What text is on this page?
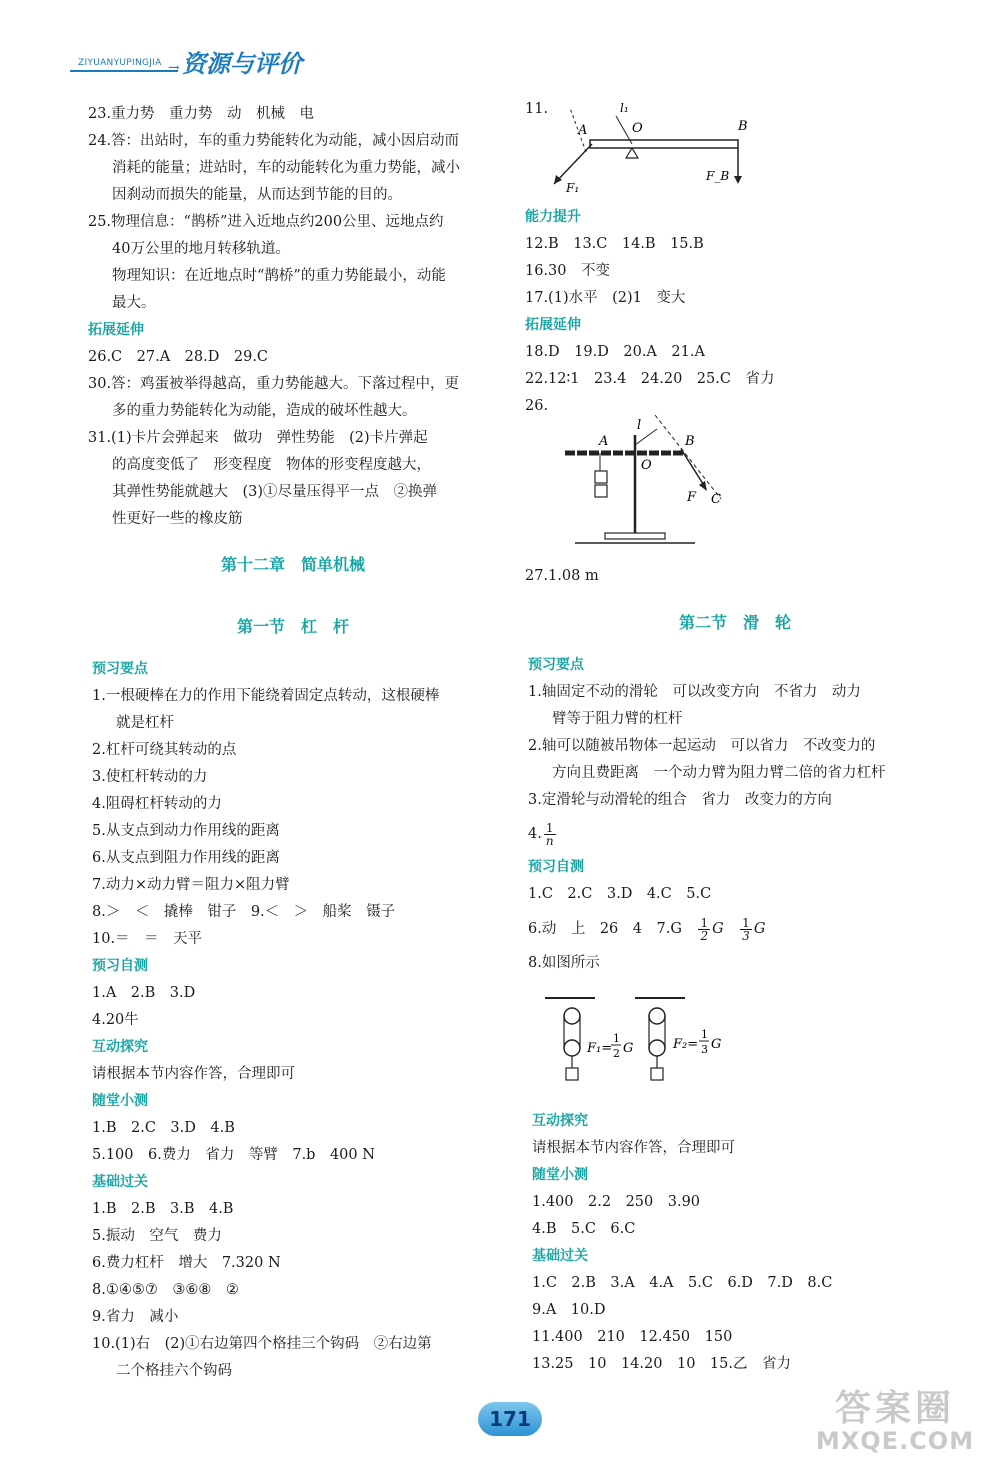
ZIYUANYUPINGJIA → 资源与评价
23.重力势　重力势　动　机械　电
24.答：出站时，车的重力势能转化为动能，减小因启动而
消耗的能量；进站时，车的动能转化为重力势能，减小
因刹动而损失的能量，从而达到节能的目的。
25.物理信息：“鹊桥”进入近地点约200公里、远地点约
40万公里的地月转移轨道。
物理知识：在近地点时“鹊桥”的重力势能最小，动能
最大。
拓展延伸
26.C　27.A　28.D　29.C
30.答：鸡蛋被举得越高，重力势能越大。下落过程中，更
多的重力势能转化为动能，造成的破坏性越大。
31.(1)卡片会弹起来　做功　弹性势能　(2)卡片弹起
的高度变低了　形变程度　物体的形变程度越大，
其弹性势能就越大　(3)①尽量压得平一点　②换弹
性更好一些的橡皮筋
第十二章　简单机械
第一节　杠　杆
预习要点
1.一根硬棒在力的作用下能绕着固定点转动，这根硬棒
就是杠杆
2.杠杆可绕其转动的点
3.使杠杆转动的力
4.阻碍杠杆转动的力
5.从支点到动力作用线的距离
6.从支点到阻力作用线的距离
7.动力×动力臂＝阻力×阻力臂
8.＞　＜　撬棒　钳子　9.＜　＞　船桨　镊子
10.＝　＝　天平
预习自测
1.A　2.B　3.D
4.20牛
互动探究
请根据本节内容作答，合理即可
随堂小测
1.B　2.C　3.D　4.B
5.100　6.费力　省力　等臂　7.b　400 N
基础过关
1.B　2.B　3.B　4.B
5.振动　空气　费力
6.费力杠杆　增大　7.320 N
8.①④⑤⑦　③⑥⑧　②
9.省力　减小
10.(1)右　(2)①右边第四个格挂三个钩码　②右边第
二个格挂六个钩码
11.
A	O	B
l₁
F₁
F_B
能力提升
12.B　13.C　14.B　15.B
16.30　不变
17.(1)水平　(2)1　变大
拓展延伸
18.D　19.D　20.A　21.A
22.12∶1　23.4　24.20　25.C　省力
26.
A
O
B
l
F C
27.1.08 m
第二节　滑　轮
预习要点
1.轴固定不动的滑轮　可以改变方向　不省力　动力
臂等于阻力臂的杠杆
2.轴可以随被吊物体一起运动　可以省力　不改变力的
方向且费距离　一个动力臂为阻力臂二倍的省力杠杆
3.定滑轮与动滑轮的组合　省力　改变力的方向
4. $\frac{1}{n}$
预习自测
1.C　2.C　3.D　4.C　5.C
6.动　上　26　4　7.G　 $\frac{1}{2}$ G　 $\frac{1}{3}$ G
8.如图所示
F₁=
1
2 G	F₂=
1
3 G
互动探究
请根据本节内容作答，合理即可
随堂小测
1.400　2.2　250　3.90
4.B　5.C　6.C
基础过关
1.C　2.B　3.A　4.A　5.C　6.D　7.D　8.C
9.A　10.D
11.400　210　12.450　150
13.25　10　14.20　10　15.乙　省力
171	答案圈
MXQE.COM
